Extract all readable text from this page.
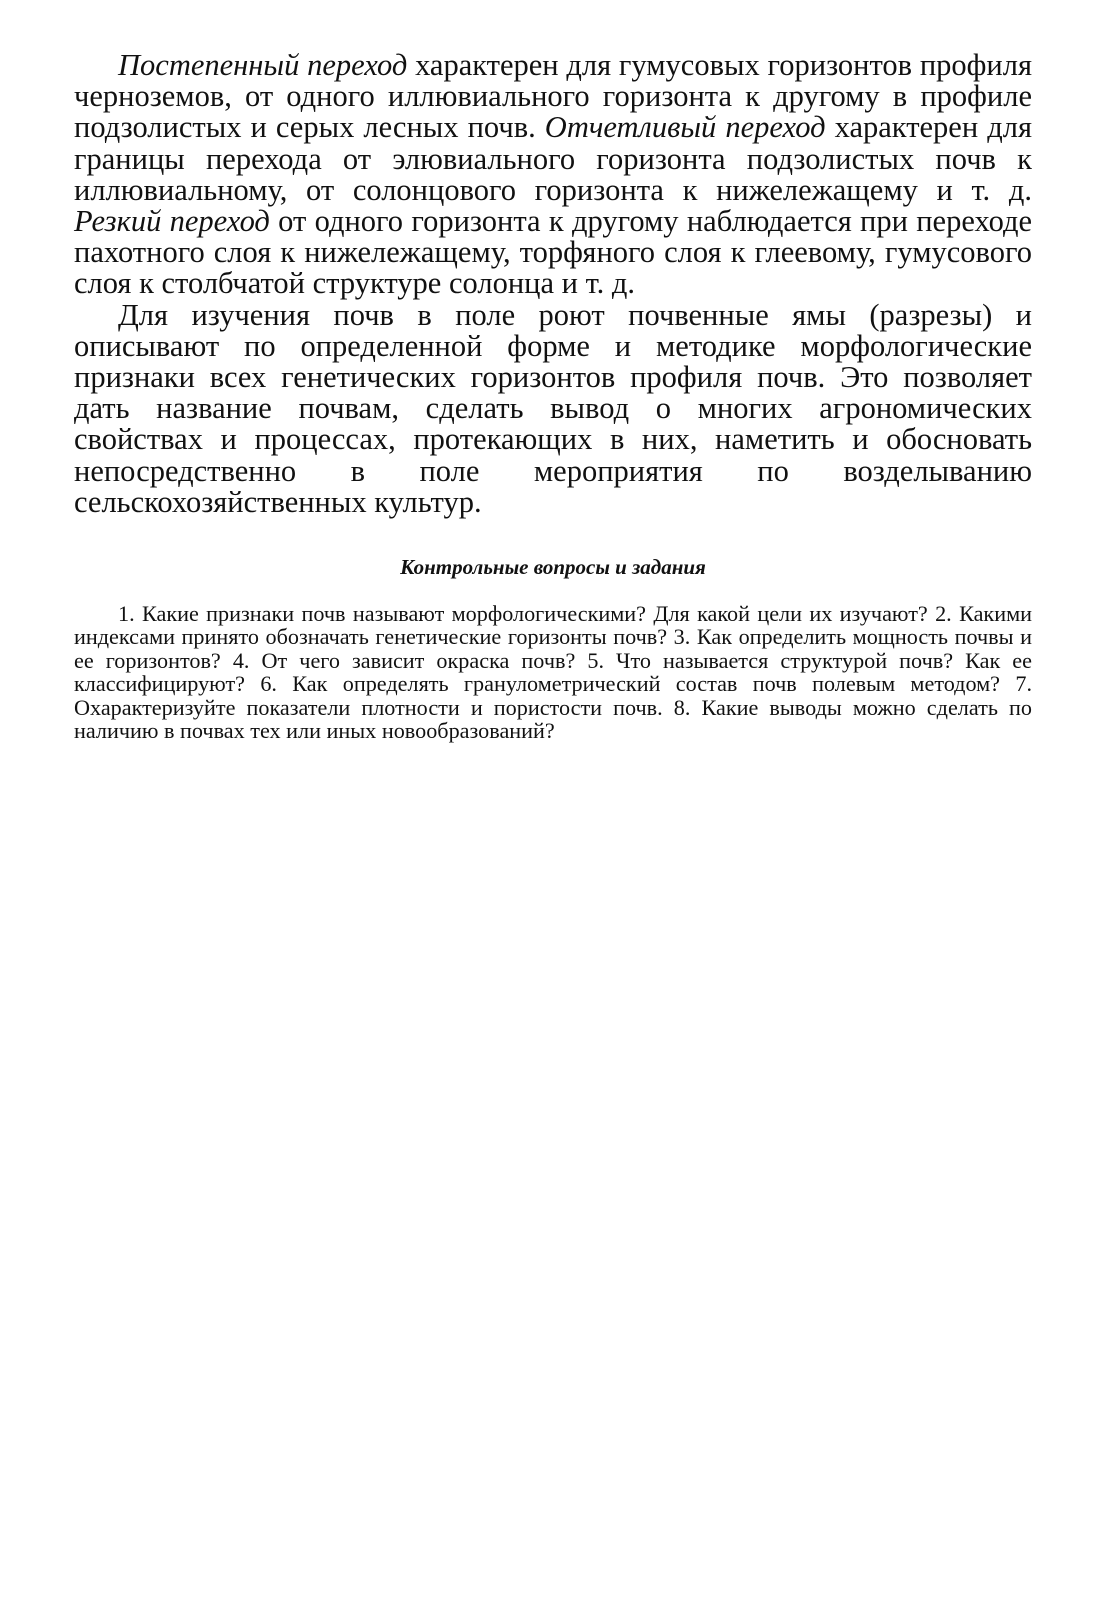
Постепенный переход характерен для гумусовых горизонтов профиля черноземов, от одного иллювиального горизонта к другому в профиле подзолистых и серых лесных почв. Отчетливый переход характерен для границы перехода от элювиального горизонта подзолистых почв к иллювиальному, от солонцового горизонта к нижележащему и т. д. Резкий переход от одного горизонта к другому наблюдается при переходе пахотного слоя к нижележащему, торфяного слоя к глеевому, гумусового слоя к столбчатой структуре солонца и т. д.

Для изучения почв в поле роют почвенные ямы (разрезы) и описывают по определенной форме и методике морфологические признаки всех генетических горизонтов профиля почв. Это позволяет дать название почвам, сделать вывод о многих агрономических свойствах и процессах, протекающих в них, наметить и обосновать непосредственно в поле мероприятия по возделыванию сельскохозяйственных культур.

Контрольные вопросы и задания

1. Какие признаки почв называют морфологическими? Для какой цели их изучают? 2. Какими индексами принято обозначать генетические горизонты почв? 3. Как определить мощность почвы и ее горизонтов? 4. От чего зависит окраска почв? 5. Что называется структурой почв? Как ее классифицируют? 6. Как определять гранулометрический состав почв полевым методом? 7. Охарактеризуйте показатели плотности и пористости почв. 8. Какие выводы можно сделать по наличию в почвах тех или иных новообразований?
